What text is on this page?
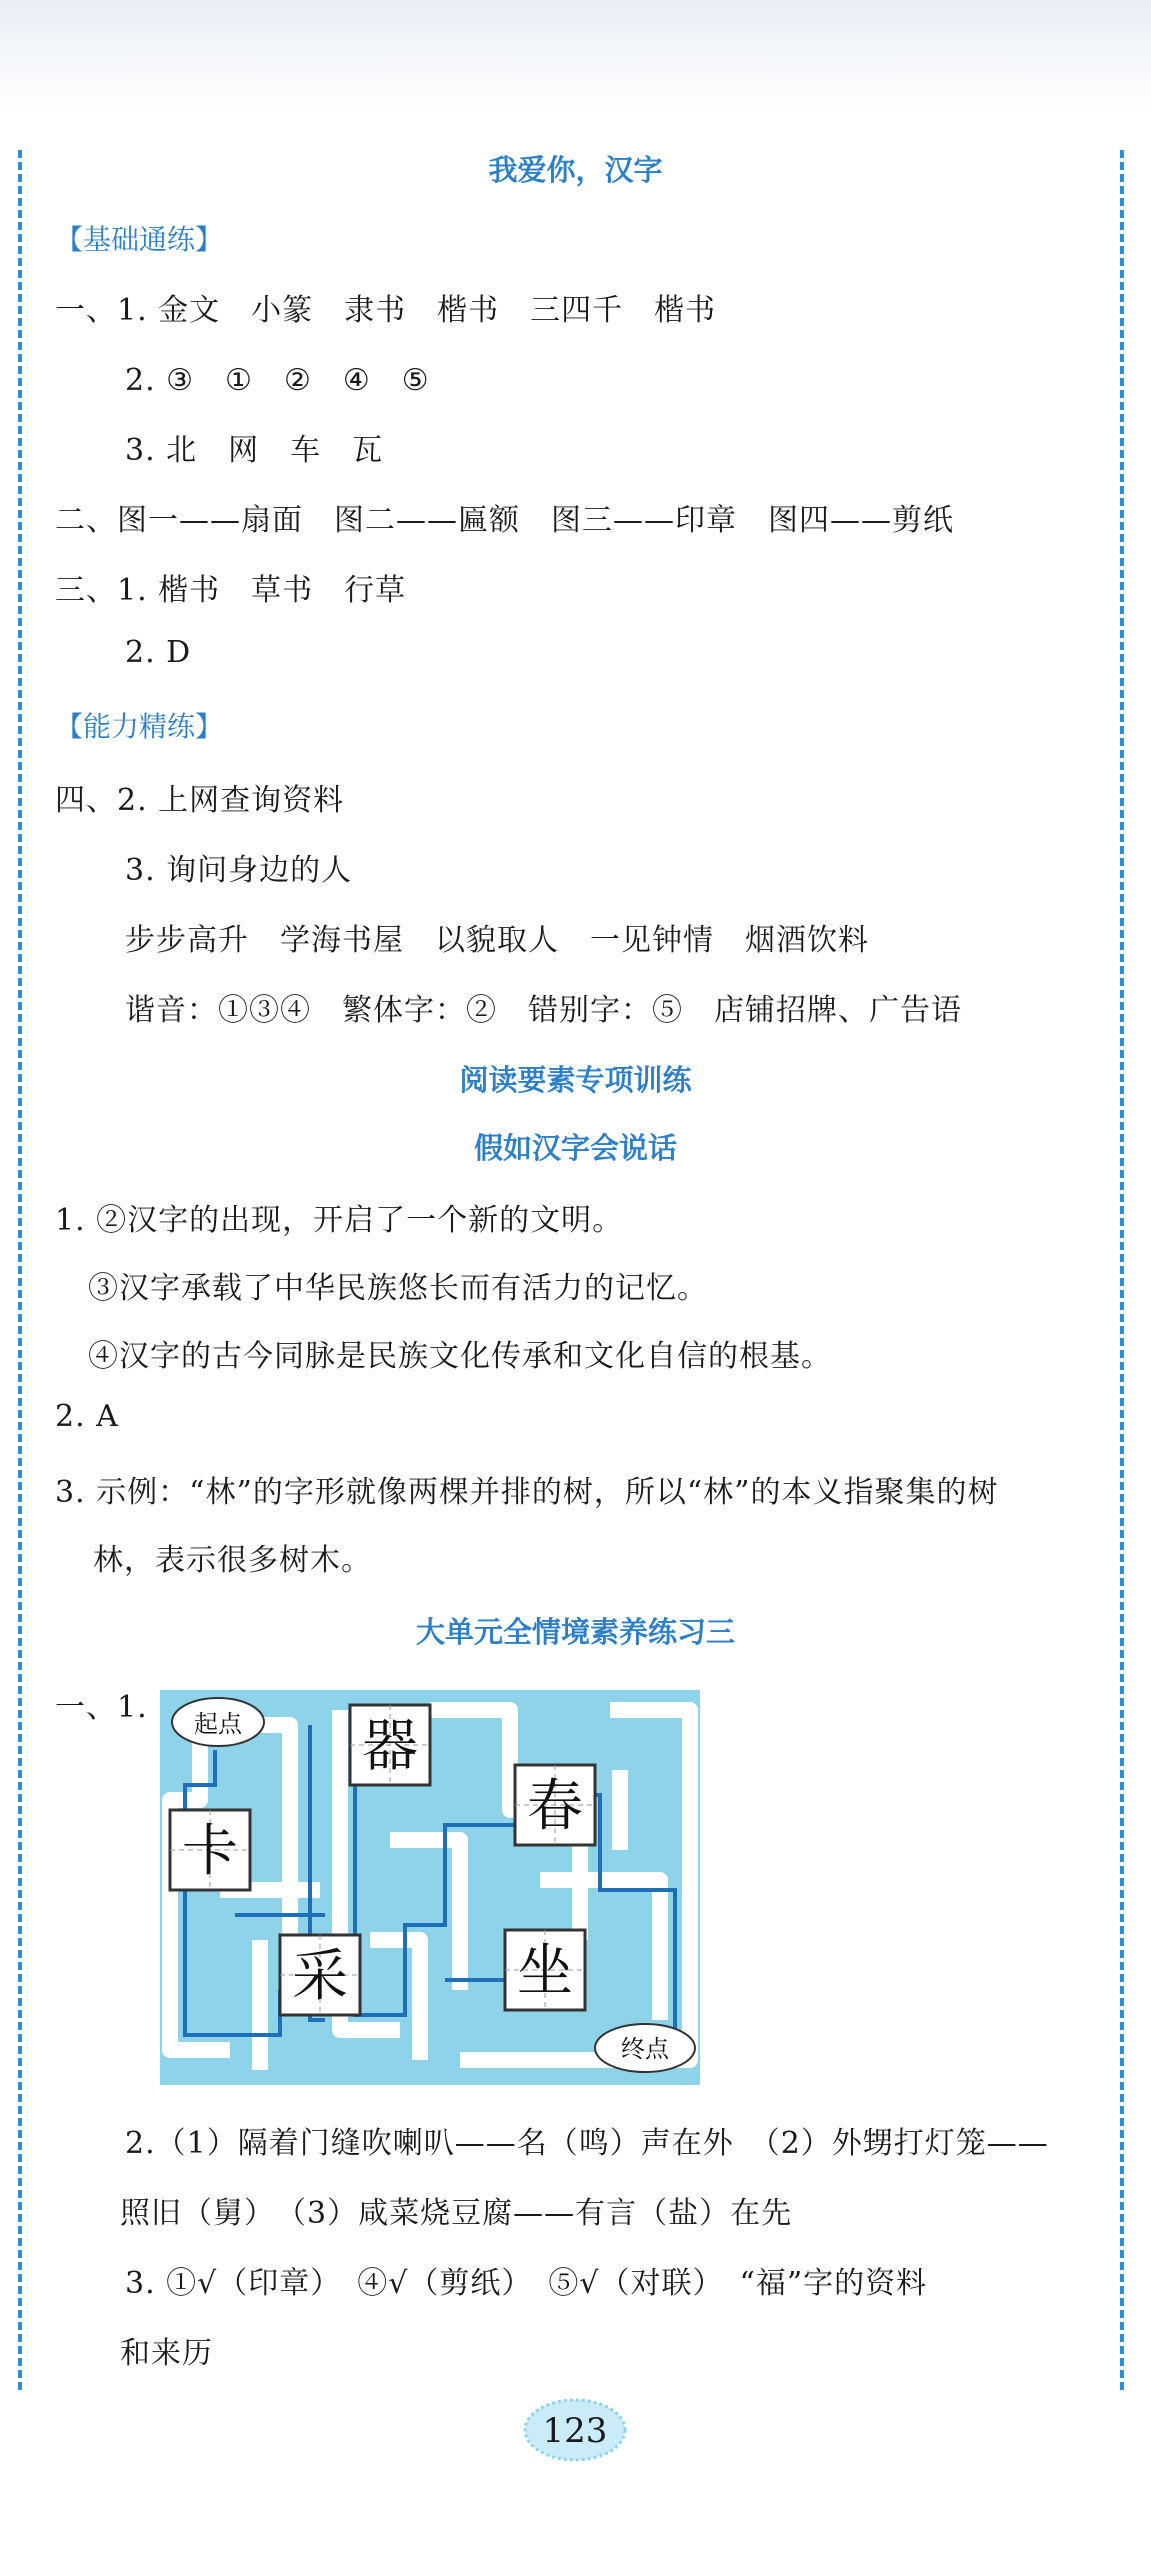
我爱你，汉字
【基础通练】
一、1. 金文　小篆　隶书　楷书　三四千　楷书
2. ③　①　②　④　⑤
3. 北　网　车　瓦
二、图一——扇面　图二——匾额　图三——印章　图四——剪纸
三、1. 楷书　草书　行草
2. D
【能力精练】
四、2. 上网查询资料
3. 询问身边的人
步步高升　学海书屋　以貌取人　一见钟情　烟酒饮料
谐音：①③④　繁体字：②　错别字：⑤　店铺招牌、广告语
阅读要素专项训练
假如汉字会说话
1. ②汉字的出现，开启了一个新的文明。
③汉字承载了中华民族悠长而有活力的记忆。
④汉字的古今同脉是民族文化传承和文化自信的根基。
2. A
3. 示例：“林”的字形就像两棵并排的树，所以“林”的本义指聚集的树
林，表示很多树木。
大单元全情境素养练习三
一、1.
器
春
卡
采	坐
起点
终点
2.（1）隔着门缝吹喇叭——名（鸣）声在外　（2）外甥打灯笼——
照旧（舅）　（3）咸菜烧豆腐——有言（盐）在先
3. ①√（印章）　④√（剪纸）　⑤√（对联）　“福”字的资料
和来历
123
